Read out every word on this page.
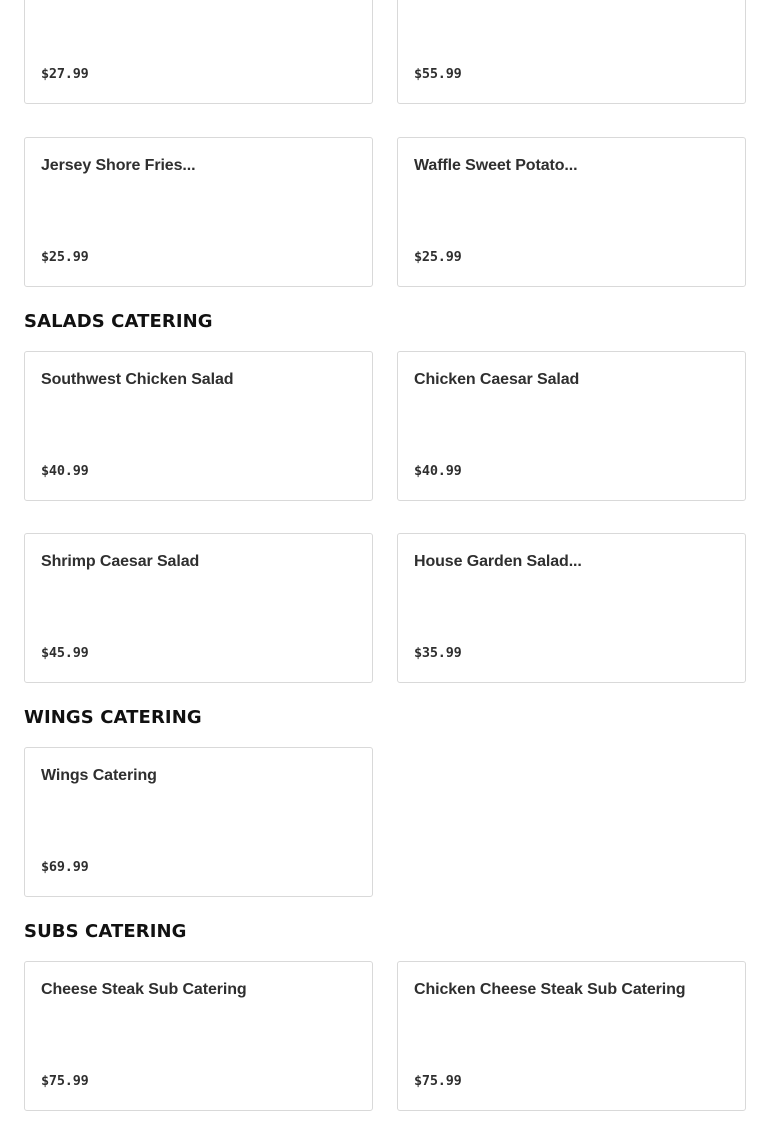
$27.99	$55.99
Jersey Shore Fries...
$25.99
Waffle Sweet Potato...
$25.99
SALADS CATERING
Southwest Chicken Salad
$40.99
Chicken Caesar Salad
$40.99
Shrimp Caesar Salad
$45.99
House Garden Salad...
$35.99
WINGS CATERING
Wings Catering
$69.99
SUBS CATERING
Cheese Steak Sub Catering
$75.99
Chicken Cheese Steak Sub Catering
$75.99
